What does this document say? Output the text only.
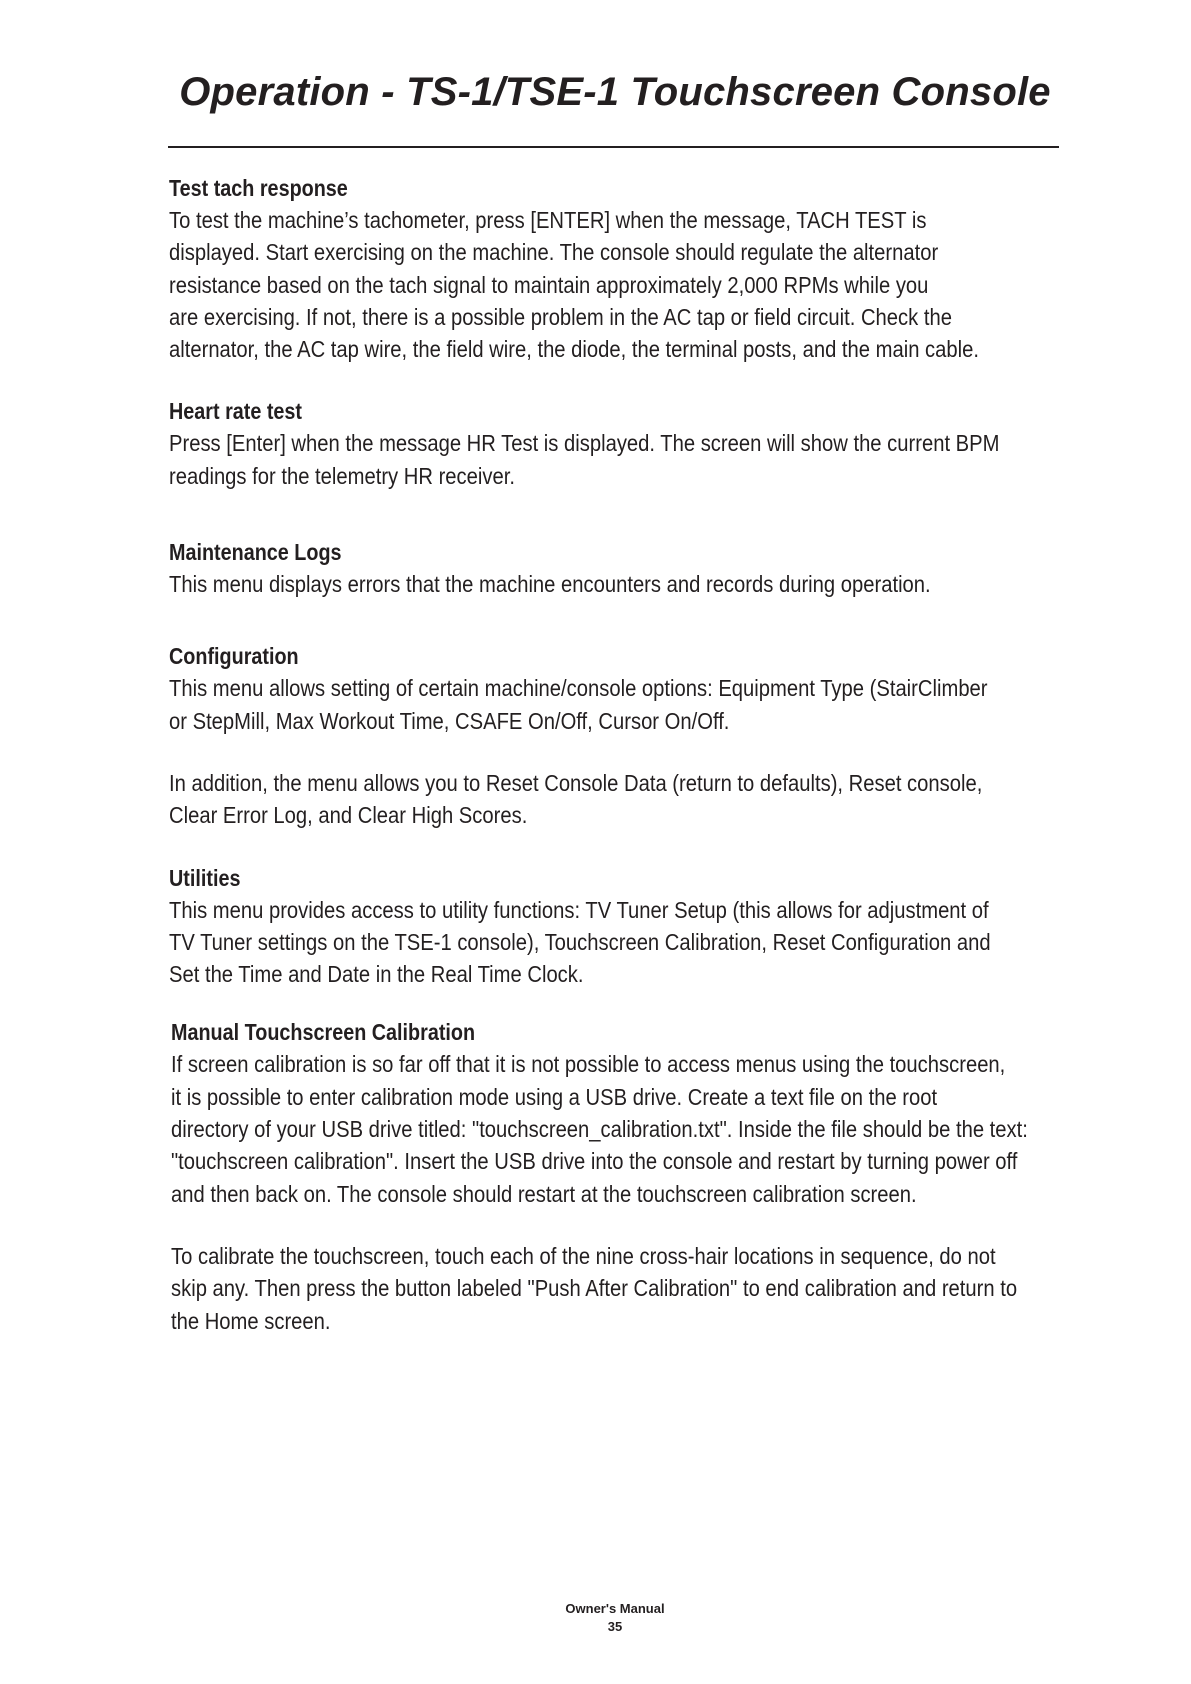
Operation - TS-1/TSE-1 Touchscreen Console
Test tach response

To test the machine’s tachometer, press [ENTER] when the message, TACH TEST is
displayed. Start exercising on the machine. The console should regulate the alternator
resistance based on the tach signal to maintain approximately 2,000 RPMs while you
are exercising. If not, there is a possible problem in the AC tap or field circuit. Check the
alternator, the AC tap wire, the field wire, the diode, the terminal posts, and the main cable.

Heart rate test

Press [Enter] when the message HR Test is displayed. The screen will show the current BPM
readings for the telemetry HR receiver.

Maintenance Logs

This menu displays errors that the machine encounters and records during operation.

Configuration

This menu allows setting of certain machine/console options: Equipment Type (StairClimber
or StepMill, Max Workout Time, CSAFE On/Off, Cursor On/Off.

In addition, the menu allows you to Reset Console Data (return to defaults), Reset console,
Clear Error Log, and Clear High Scores.

Utilities

This menu provides access to utility functions: TV Tuner Setup (this allows for adjustment of
TV Tuner settings on the TSE-1 console), Touchscreen Calibration, Reset Configuration and
Set the Time and Date in the Real Time Clock.

Manual Touchscreen Calibration

If screen calibration is so far off that it is not possible to access menus using the touchscreen,
it is possible to enter calibration mode using a USB drive. Create a text file on the root
directory of your USB drive titled: "touchscreen_calibration.txt". Inside the file should be the text:
"touchscreen calibration". Insert the USB drive into the console and restart by turning power off
and then back on. The console should restart at the touchscreen calibration screen.

To calibrate the touchscreen, touch each of the nine cross-hair locations in sequence, do not
skip any. Then press the button labeled "Push After Calibration" to end calibration and return to
the Home screen.

Owner's Manual
35
